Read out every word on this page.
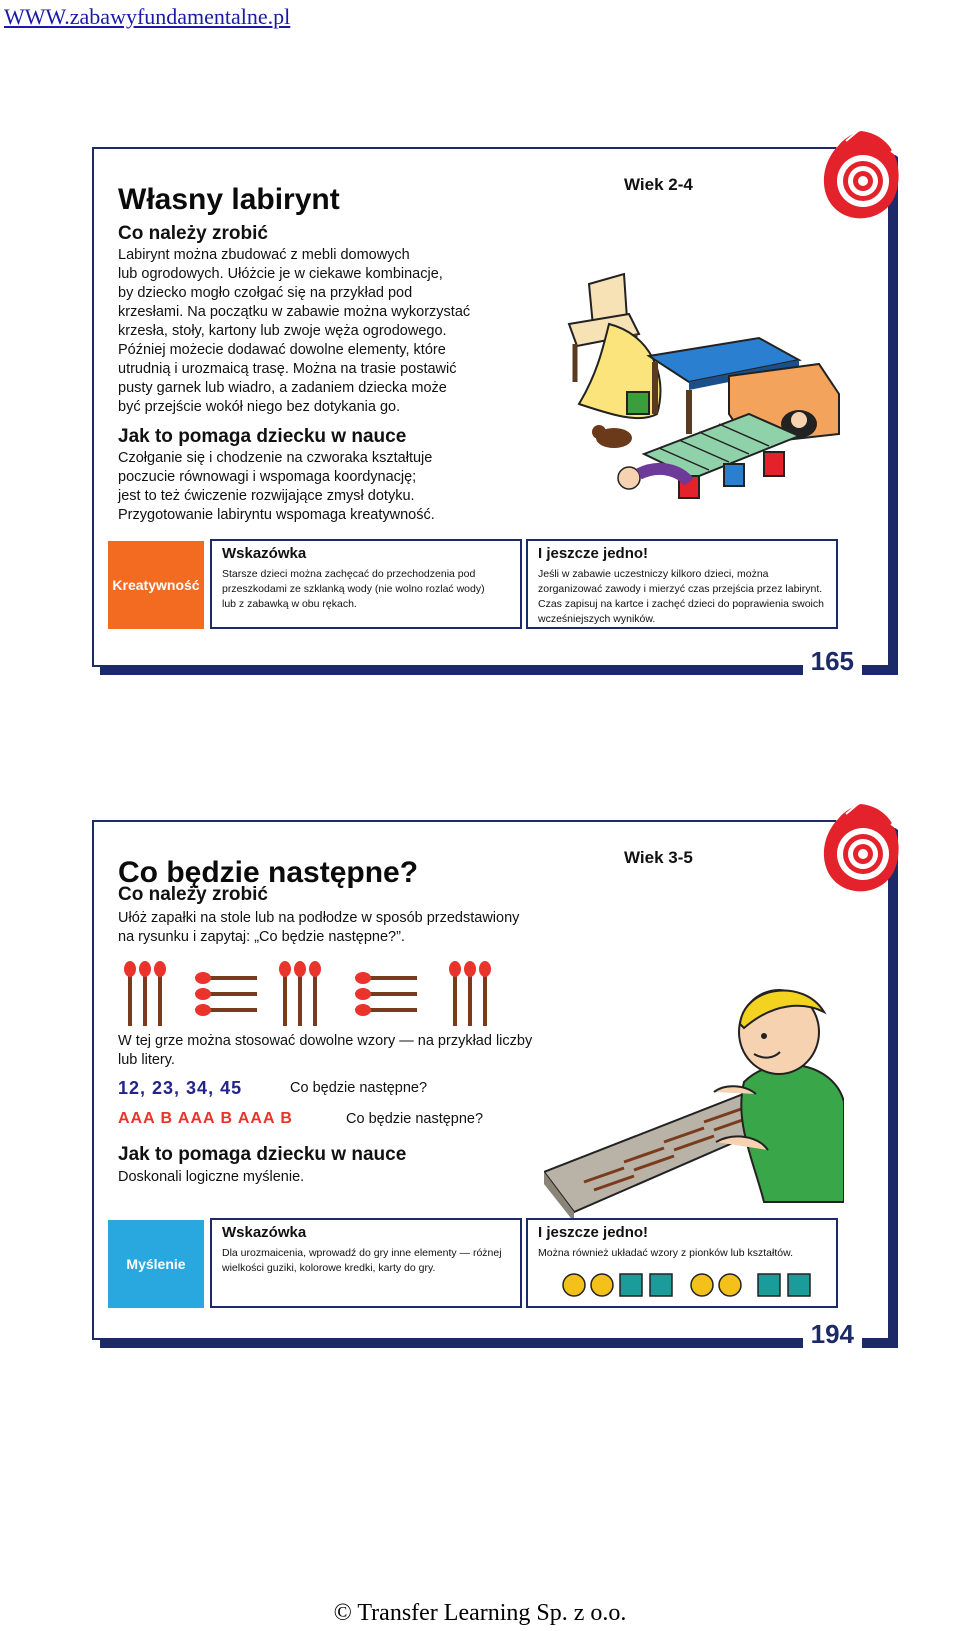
WWW.zabawyfundamentalne.pl
Własny labirynt	Wiek 2-4
Co należy zrobić
Labirynt można zbudować z mebli domowych
lub ogrodowych. Ułóżcie je w ciekawe kombinacje,
by dziecko mogło czołgać się na przykład pod
krzesłami. Na początku w zabawie można wykorzystać
krzesła, stoły, kartony lub zwoje węża ogrodowego.
Później możecie dodawać dowolne elementy, które
utrudnią i urozmaicą trasę. Można na trasie postawić
pusty garnek lub wiadro, a zadaniem dziecka może
być przejście wokół niego bez dotykania go.
Jak to pomaga dziecku w nauce
Czołganie się i chodzenie na czworaka kształtuje
poczucie równowagi i wspomaga koordynację;
jest to też ćwiczenie rozwijające zmysł dotyku.
Przygotowanie labiryntu wspomaga kreatywność.
Kreatywność
Wskazówka
Starsze dzieci można zachęcać do przechodzenia pod
przeszkodami ze szklanką wody (nie wolno rozlać wody)
lub z zabawką w obu rękach.
I jeszcze jedno!
Jeśli w zabawie uczestniczy kilkoro dzieci, można
zorganizować zawody i mierzyć czas przejścia przez labirynt.
Czas zapisuj na kartce i zachęć dzieci do poprawienia swoich
wcześniejszych wyników.
165
Co będzie następne?	Wiek 3-5
Co należy zrobić
Ułóż zapałki na stole lub na podłodze w sposób przedstawiony
na rysunku i zapytaj: „Co będzie następne?”.
W tej grze można stosować dowolne wzory — na przykład liczby
lub litery.
12, 23, 34, 45	Co będzie następne?
AAA B AAA B AAA B	Co będzie następne?
Jak to pomaga dziecku w nauce
Doskonali logiczne myślenie.
Myślenie
Wskazówka
Dla urozmaicenia, wprowadź do gry inne elementy — różnej
wielkości guziki, kolorowe kredki, karty do gry.
I jeszcze jedno!
Można również układać wzory z pionków lub kształtów.
194
© Transfer Learning Sp. z o.o.
